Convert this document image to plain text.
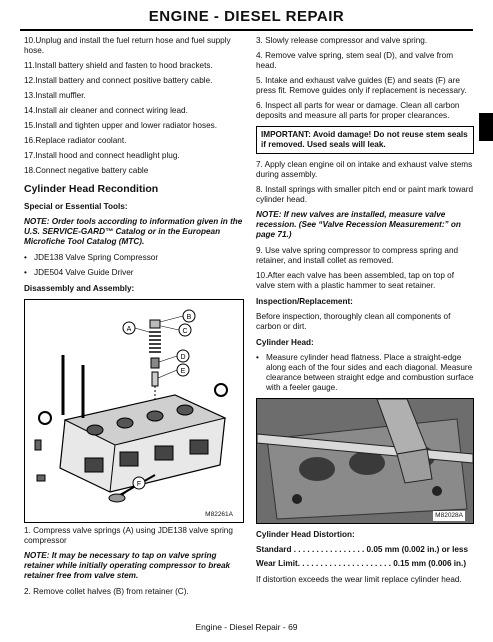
ENGINE - DIESEL REPAIR

10.Unplug and install the fuel return hose and fuel supply hose.

11.Install battery shield and fasten to hood brackets.

12.Install battery and connect positive battery cable.

13.Install muffler.

14.Install air cleaner and connect wiring lead.

15.Install and tighten upper and lower radiator hoses.

16.Replace radiator coolant.

17.Install hood and connect headlight plug.

18.Connect negative battery cable

Cylinder Head Recondition

Special or Essential Tools:

NOTE: Order tools according to information given in the U.S. SERVICE-GARD™ Catalog or in the European Microfiche Tool Catalog (MTC).

• JDE138 Valve Spring Compressor

• JDE504 Valve Guide Driver

Disassembly and Assembly:

A
B
C
D
E
F
M82261A

1. Compress valve springs (A) using JDE138 valve spring compressor

NOTE: It may be necessary to tap on valve spring retainer while initially operating compressor to break retainer free from valve stem.

2. Remove collet halves (B) from retainer (C).

3. Slowly release compressor and valve spring.

4. Remove valve spring, stem seal (D), and valve from head.

5. Intake and exhaust valve guides (E) and seats (F) are press fit. Remove guides only if replacement is necessary.

6. Inspect all parts for wear or damage. Clean all carbon deposits and measure all parts for proper clearances.

IMPORTANT: Avoid damage! Do not reuse stem seals if removed. Used seals will leak.

7. Apply clean engine oil on intake and exhaust valve stems during assembly.

8. Install springs with smaller pitch end or paint mark toward cylinder head.

NOTE: If new valves are installed, measure valve recession. (See “Valve Recession Measurement:” on page 71.)

9. Use valve spring compressor to compress spring and retainer, and install collet as removed.

10.After each valve has been assembled, tap on top of valve stem with a plastic hammer to seat retainer.

Inspection/Replacement:

Before inspection, thoroughly clean all components of carbon or dirt.

Cylinder Head:

• Measure cylinder head flatness. Place a straight-edge along each of the four sides and each diagonal. Measure clearance between straight edge and combustion surface with a feeler gauge.

M82028A

Cylinder Head Distortion:

Standard . . . . . . . . . . . . . . . . 0.05 mm (0.002 in.) or less

Wear Limit. . . . . . . . . . . . . . . . . . . . . 0.15 mm (0.006 in.)

If distortion exceeds the wear limit replace cylinder head.

Engine - Diesel Repair - 69
